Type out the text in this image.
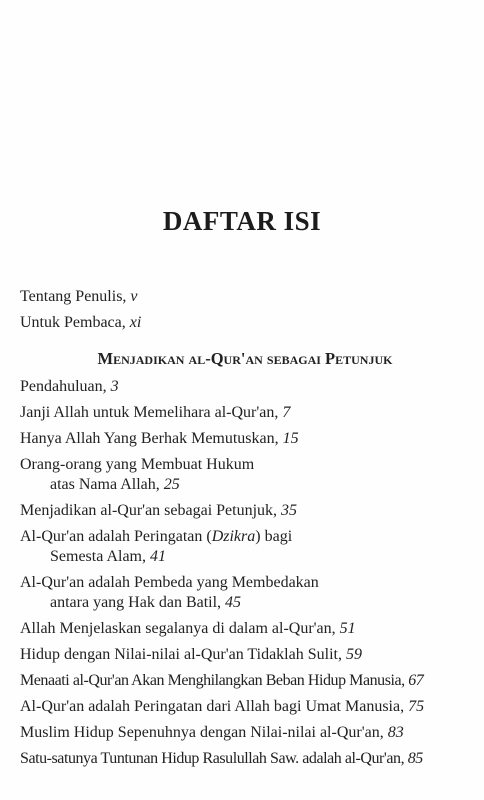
DAFTAR ISI

Tentang Penulis, v

Untuk Pembaca, xi

Menjadikan al-Qur'an sebagai Petunjuk

Pendahuluan, 3

Janji Allah untuk Memelihara al-Qur'an, 7

Hanya Allah Yang Berhak Memutuskan, 15

Orang-orang yang Membuat Hukum
atas Nama Allah, 25

Menjadikan al-Qur'an sebagai Petunjuk, 35

Al-Qur'an adalah Peringatan (Dzikra) bagi
Semesta Alam, 41

Al-Qur'an adalah Pembeda yang Membedakan
antara yang Hak dan Batil, 45

Allah Menjelaskan segalanya di dalam al-Qur'an, 51

Hidup dengan Nilai-nilai al-Qur'an Tidaklah Sulit, 59

Menaati al-Qur'an Akan Menghilangkan Beban Hidup Manusia, 67

Al-Qur'an adalah Peringatan dari Allah bagi Umat Manusia, 75

Muslim Hidup Sepenuhnya dengan Nilai-nilai al-Qur'an, 83

Satu-satunya Tuntunan Hidup Rasulullah Saw. adalah al-Qur'an, 85
